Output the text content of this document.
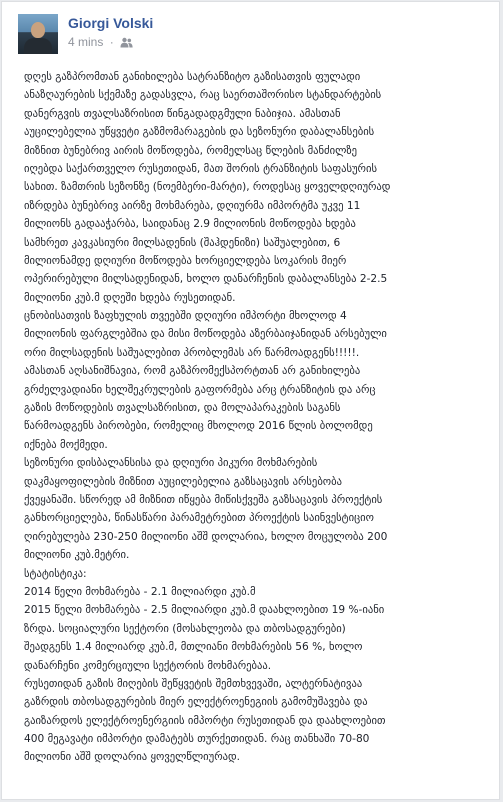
Giorgi Volski
4 mins ·
დღეს გაზპრომთან განიხილება სატრანზიტო გაზისათვის ფულადი
ანაზღაურების სქემაზე გადასვლა, რაც საერთაშორისო სტანდარტების
დანერგვის თვალსაზრისით წინგადადგმული ნაბიჯია. ამასთან
აუცილებელია უწყვეტი გაზმომარაგების და სეზონური დაბალანსების
მიზნით ბუნებრივ აირის მოწოდება, რომელსაც წლების მანძილზე
იღებდა საქართველო რუსეთიდან, მათ შორის ტრანზიტის საფასურის
სახით. ზამთრის სეზონზე (ნოემბერი-მარტი), როდესაც ყოველდღიურად
იზრდება ბუნებრივ აირზე მოხმარება, დღიურმა იმპორტმა უკვე 11
მილიონს გადააჭარბა, საიდანაც 2.9 მილიონის მოწოდება ხდება
სამხრეთ კავკასიური მილსადენის (შაჰდენიზი) საშუალებით, 6
მილიონამდე დღიური მოწოდება ხორციელდება სოკარის მიერ
ოპერირებული მილსადენიდან, ხოლო დანარჩენის დაბალანსება 2-2.5
მილიონი კუბ.მ დღეში ხდება რუსეთიდან.
ცნობისათვის ზაფხულის თვეებში დღიური იმპორტი მხოლოდ 4
მილიონის ფარგლებშია და მისი მოწოდება აზერბაიჯანიდან არსებული
ორი მილსადენის საშუალებით პრობლემას არ წარმოადგენს!!!!!.
ამასთან აღსანიშნავია, რომ გაზპრომექსპორტთან არ განიხილება
გრძელვადიანი ხელშეკრულების გაფორმება არც ტრანზიტის და არც
გაზის მოწოდების თვალსაზრისით, და მოლაპარაკების საგანს
წარმოადგენს პირობები, რომელიც მხოლოდ 2016 წლის ბოლომდე
იქნება მოქმედი.
სეზონური დისბალანსისა და დღიური პიკური მოხმარების
დაკმაყოფილების მიზნით აუცილებელია გაზსაცავის არსებობა
ქვეყანაში. სწორედ ამ მიზნით იწყება მიწისქვეშა გაზსაცავის პროექტის
განხორციელება, წინასწარი პარამეტრებით პროექტის საინვესტიციო
ღირებულება 230-250 მილიონი აშშ დოლარია, ხოლო მოცულობა 200
მილიონი კუბ.მეტრი.
სტატისტიკა:
2014 წელი მოხმარება - 2.1 მილიარდი კუბ.მ
2015 წელი მოხმარება - 2.5 მილიარდი კუბ.მ დაახლოებით 19 %-იანი
ზრდა. სოციალური სექტორი (მოსახლეობა და თბოსადგურები)
შეადგენს 1.4 მილიარდ კუბ.მ, მთლიანი მოხმარების 56 %, ხოლო
დანარჩენი კომერციული სექტორის მოხმარებაა.
რუსეთიდან გაზის მიღების შეწყვეტის შემთხვევაში, ალტერნატივაა
გაზრდის თბოსადგურების მიერ ელექტროენეგიის გამომუშავება და
გაიზარდოს ელექტროენერგიის იმპორტი რუსეთიდან და დაახლოებით
400 მეგავატი იმპორტი დამატებს თურქეთიდან. რაც თანხაში 70-80
მილიონი აშშ დოლარია ყოველწლიურად.
